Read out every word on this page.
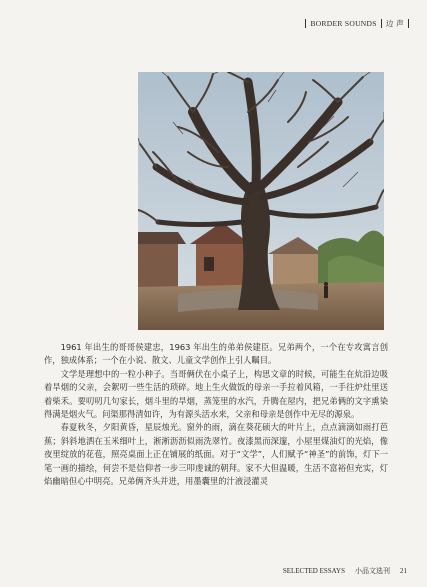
BORDER SOUNDS 边 声

1961 年出生的哥哥侯建忠，1963 年出生的弟弟侯建臣。兄弟两个，一个在专攻寓言创作，独成体系；一个在小说、散文、儿童文学创作上引人瞩目。

文学是理想中的一粒小种子。当哥俩伏在小桌子上，构思文章的时候，可能生在炕沿边吸着旱烟的父亲，会絮叨一些生活的琐碎。地上生火做饭的母亲一手拉着风箱，一手往炉灶里送着柴禾。要叨叨几句家长，烟斗里的旱烟，蒸笼里的水汽，升腾在屋内，把兄弟俩的文字熏染得满是烟火气。问渠那得清如许，为有源头活水来，父亲和母亲是创作中无尽的源泉。

春夏秋冬，夕阳黄昏，星辰烛光。窗外的雨，滴在葵花硕大的叶片上，点点滴滴如雨打芭蕉；斜斜地洒在玉米细叶上，淅淅沥沥似雨洗翠竹。夜漆黑而深邃，小屋里煤油灯的光焰，像夜里绽放的花苞，照亮桌面上正在铺展的纸面。对于“文学”，人们赋予“神圣”的前饰，灯下一笔一画的描绘，何尝不是信仰者一步三叩虔诚的朝拜。家不大但温暖，生活不富裕但充实，灯焰幽暗但心中明亮。兄弟俩齐头并进，用墨囊里的汁液浸灌灵

SELECTED ESSAYS 小品文选刊 21
